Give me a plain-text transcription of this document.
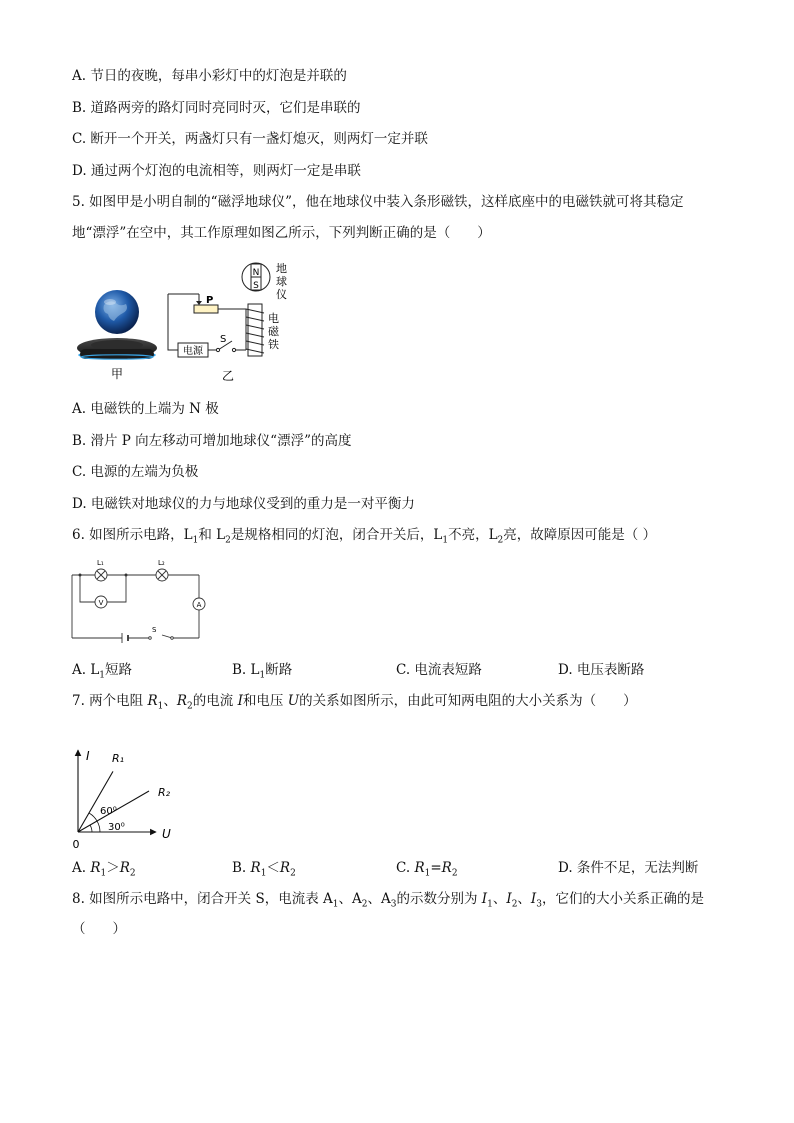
A. 节日的夜晚，每串小彩灯中的灯泡是并联的
B. 道路两旁的路灯同时亮同时灭，它们是串联的
C. 断开一个开关，两盏灯只有一盏灯熄灭，则两灯一定并联
D. 通过两个灯泡的电流相等，则两灯一定是串联
5. 如图甲是小明自制的“磁浮地球仪”，他在地球仪中装入条形磁铁，这样底座中的电磁铁就可将其稳定
地“漂浮”在空中，其工作原理如图乙所示，下列判断正确的是（　　）
甲
N
S
P
电源
S
地
球
仪
电
磁
铁
乙
A. 电磁铁的上端为 N 极
B. 滑片 P 向左移动可增加地球仪“漂浮”的高度
C. 电源的左端为负极
D. 电磁铁对地球仪的力与地球仪受到的重力是一对平衡力
6. 如图所示电路，$L_1$和 $L_2$是规格相同的灯泡，闭合开关后，$L_1$不亮，$L_2$亮，故障原因可能是（ ）
L₁	L₂
V	A
S
A. $L_1$短路	B. $L_1$断路	C. 电流表短路	D. 电压表断路
7. 两个电阻 $R_1$、$R_2$的电流 I和电压 U的关系如图所示，由此可知两电阻的大小关系为（　　）
I
U
0
R₁
R₂
60⁰
30⁰
A. $R_1>R_2$	B. $R_1<R_2$	C. $R_1=R_2$	D. 条件不足，无法判断
8. 如图所示电路中，闭合开关 S，电流表 $A_1$、$A_2$、$A_3$的示数分别为 $I_1$、$I_2$、$I_3$，它们的大小关系正确的是
（　　）
